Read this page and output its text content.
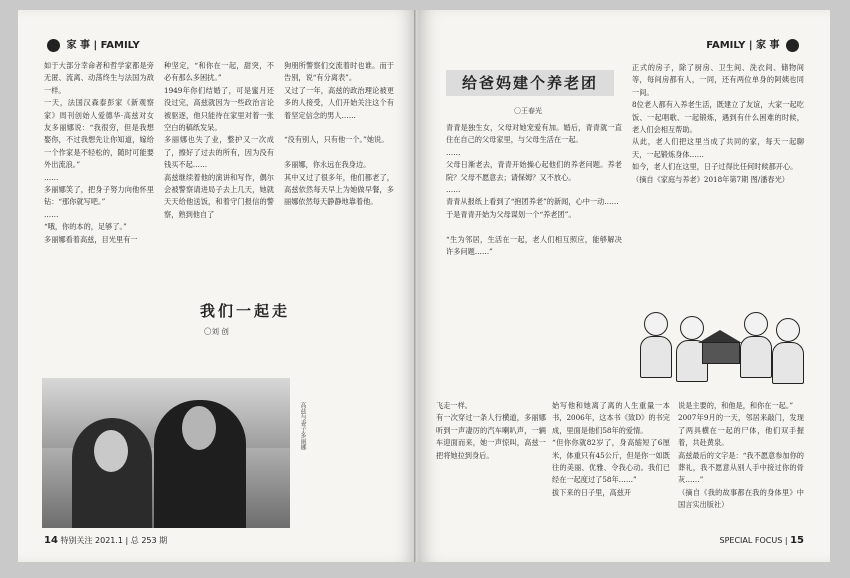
家 事 | FAMILY
如于大部分幸命者和哲学家都是旁无匿、流离、动荡终生与法国为敌一样。
一天，法国汉森泰彭家《新观察家》周刊创始人爱德华·高兹对女友多丽娜说：“我很穷，但是我想娶你，不过我想先让你知道，嫁给一个作家是不轻松的，随时可能要外出流浪。”
……
多丽娜笑了，把身子努力向他怀里钻：“那你就写吧。”
……
“哦，你的本的，足够了。”
多丽娜看着高兹，目光里有一
种坚定，“和你在一起，甜突，不必有那么多困扰。”
1949年你们结婚了，可是蜜月还没过完，高兹就因为一些政治言论被驱逐，他只能待在家里对着一张空白的稿纸发呆。
多丽娜也失了业，整护又一次成了，擦好了过去的所有，因为没有钱买不起……
高兹继续着他的演讲和写作，偶尔会被警察请进局子去上几天，她就天天给他送饭，和着守门报信的警察，熟到他自了
狗朋所警察们交流着时也谁。而于告别，说“有分离表”。
又过了一年，高兹的政治理论被更多的人接受，人们开始关注这个有着坚定信念的男人……

“没有别人，只有他一个。”她说。

多丽娜，你永远在我身边。
其中又过了很多年，他们都老了，高兹依然每天早上为她做早餐，多丽娜依然每天静静地靠着他。
我们一起走
〇刘 创
高兹与妻子多丽娜
14 特别关注 2021.1 | 总 253 期
FAMILY | 家 事
给爸妈建个养老团
〇王春光
青青是独生女，父母对她宠爱有加。婚后，青青就一直住在自己的父母家里，与父母生活在一起。
……
父母日渐老去，青青开始操心起他们的养老问题。养老院？父母不愿意去；请保姆？又不放心。
……
青青从报纸上看到了“抱团养老”的新闻，心中一动……
于是青青开始为父母谋划一个“养老团”。

“生为邻居，生活在一起，老人们相互照应，能够解决许多问题……”
正式的房子，除了厨房、卫生间、洗衣间、储物间等，每间房都有人，一同，还有两位单身的阿姨也同一间。
8位老人都有入养老生活，既建立了友谊，大家一起吃饭、一起唱歌、一起锻炼，遇到有什么困难的时候，老人们会相互帮助。
从此，老人们把这里当成了共同的家，每天一起聊天，一起锻炼身体……
如今，老人们在这里，日子过得比任何时候都开心。
（摘自《家庭与养老》2018年第7期 图/潘春光）
SPECIAL FOCUS | 15
飞走一样。
有一次穿过一条人行横道，多丽娜听到一声凄厉的汽车喇叭声，一辆车迎面而来，她一声惊叫，高兹一把将她拉到身后。
始写他和她离了离的人生重量一本书，2006年，这本书《致D》的书完成，里面是他们58年的爱情。
“但你你就82岁了，身高缩短了6厘米，体重只有45公斤，但是你一如既往的美丽、优雅、令我心动。我们已经在一起度过了58年……”
拔下来的日子里，高兹开
说是主要的，和他是，和你在一起。”
2007年9月的一天，邻居来敲门，发现了两具横在一起的尸体，他们双手握着，共赴黄泉。
高兹最后的文字是：“我不愿意参加你的葬礼，我不愿意从别人手中接过你的骨灰……”
（摘自《我的故事都在我的身体里》中国言实出版社）
